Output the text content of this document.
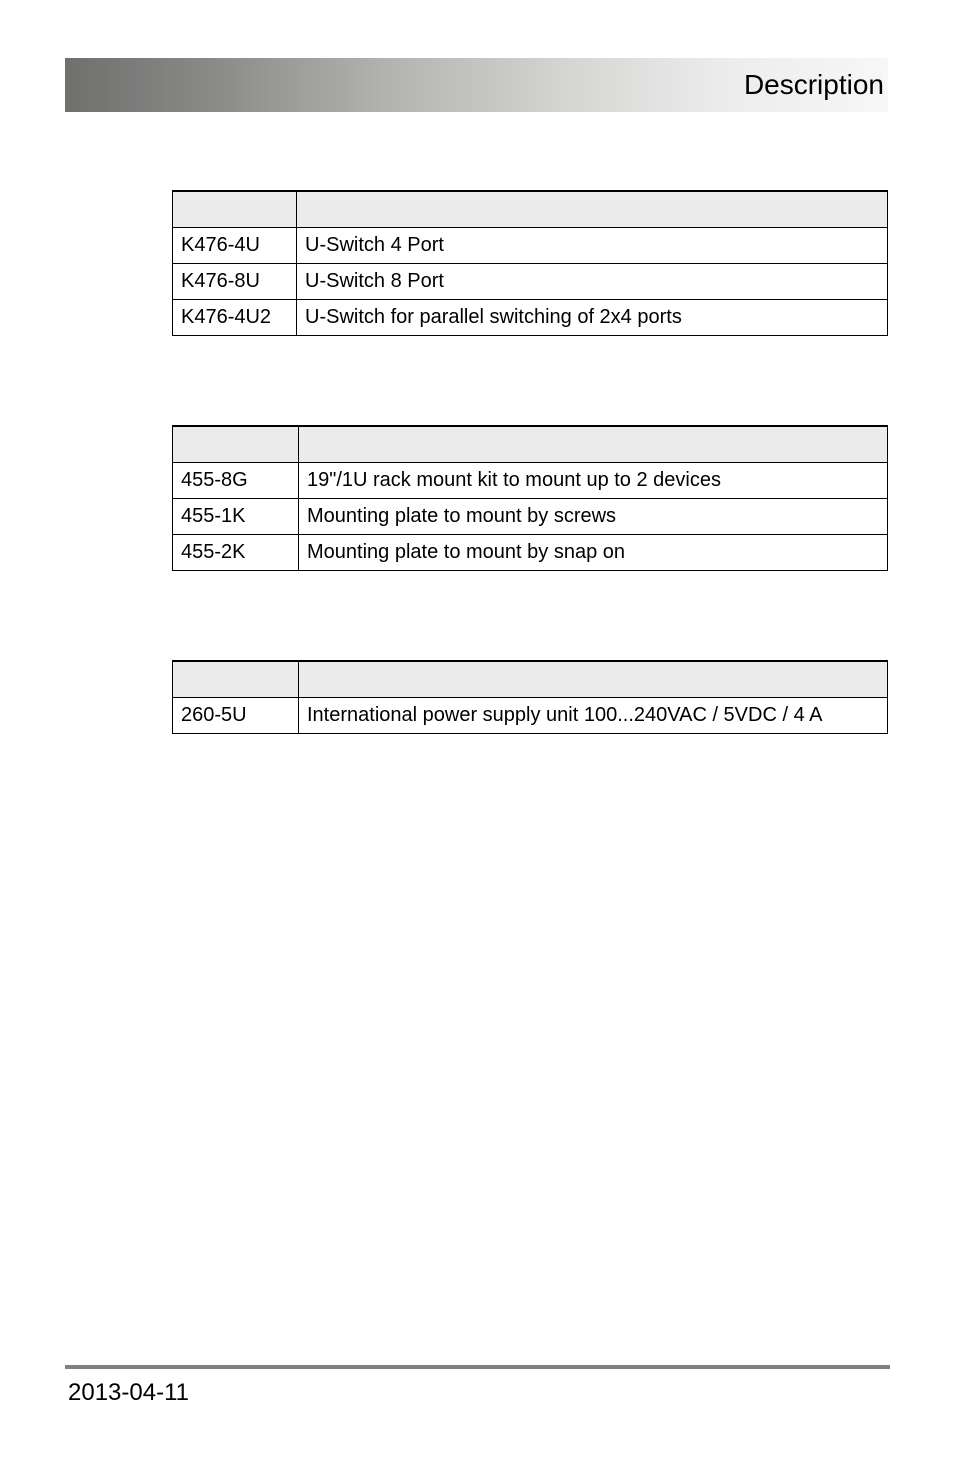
Description

K476-4U	U-Switch 4 Port
K476-8U	U-Switch 8 Port
K476-4U2	U-Switch for parallel switching of 2x4 ports

455-8G	19"/1U rack mount kit to mount up to 2 devices
455-1K	Mounting plate to mount by screws
455-2K	Mounting plate to mount by snap on

260-5U	International power supply unit 100...240VAC / 5VDC / 4 A
2013-04-11
